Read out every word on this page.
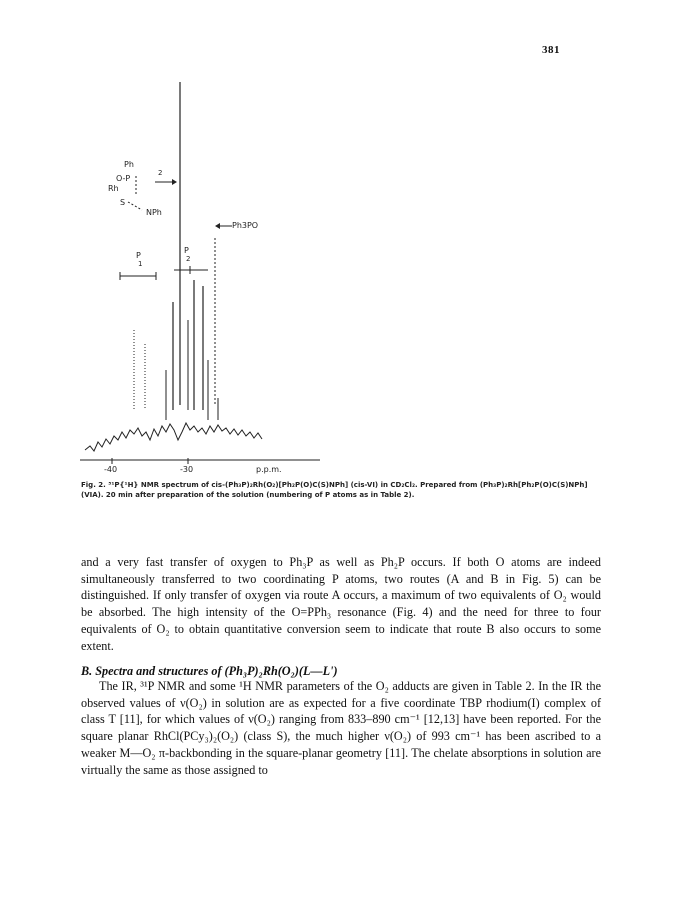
381
Ph
O-P
2
Rh
S
NPh
Ph3PO
P
1
P
2
-40	-30	p.p.m.

Fig. 2. ³¹P{¹H} NMR spectrum of cis-(Ph₃P)₂Rh(O₂)[Ph₂P(O)C(S)NPh] (cis-VI) in CD₂Cl₂. Prepared from (Ph₃P)₂Rh[Ph₂P(O)C(S)NPh] (VIA). 20 min after preparation of the solution (numbering of P atoms as in Table 2).

and a very fast transfer of oxygen to Ph₃P as well as Ph₂P occurs. If both O atoms are indeed simultaneously transferred to two coordinating P atoms, two routes (A and B in Fig. 5) can be distinguished. If only transfer of oxygen via route A occurs, a maximum of two equivalents of O₂ would be absorbed. The high intensity of the O=PPh₃ resonance (Fig. 4) and the need for three to four equivalents of O₂ to obtain quantitative conversion seem to indicate that route B also occurs to some extent.

B. Spectra and structures of (Ph₃P)₂Rh(O₂)(L—L')

The IR, ³¹P NMR and some ¹H NMR parameters of the O₂ adducts are given in Table 2. In the IR the observed values of ν(O₂) in solution are as expected for a five coordinate TBP rhodium(I) complex of class T [11], for which values of ν(O₂) ranging from 833–890 cm⁻¹ [12,13] have been reported. For the square planar RhCl(PCy₃)₂(O₂) (class S), the much higher ν(O₂) of 993 cm⁻¹ has been ascribed to a weaker M—O₂ π-backbonding in the square-planar geometry [11]. The chelate absorptions in solution are virtually the same as those assigned to
